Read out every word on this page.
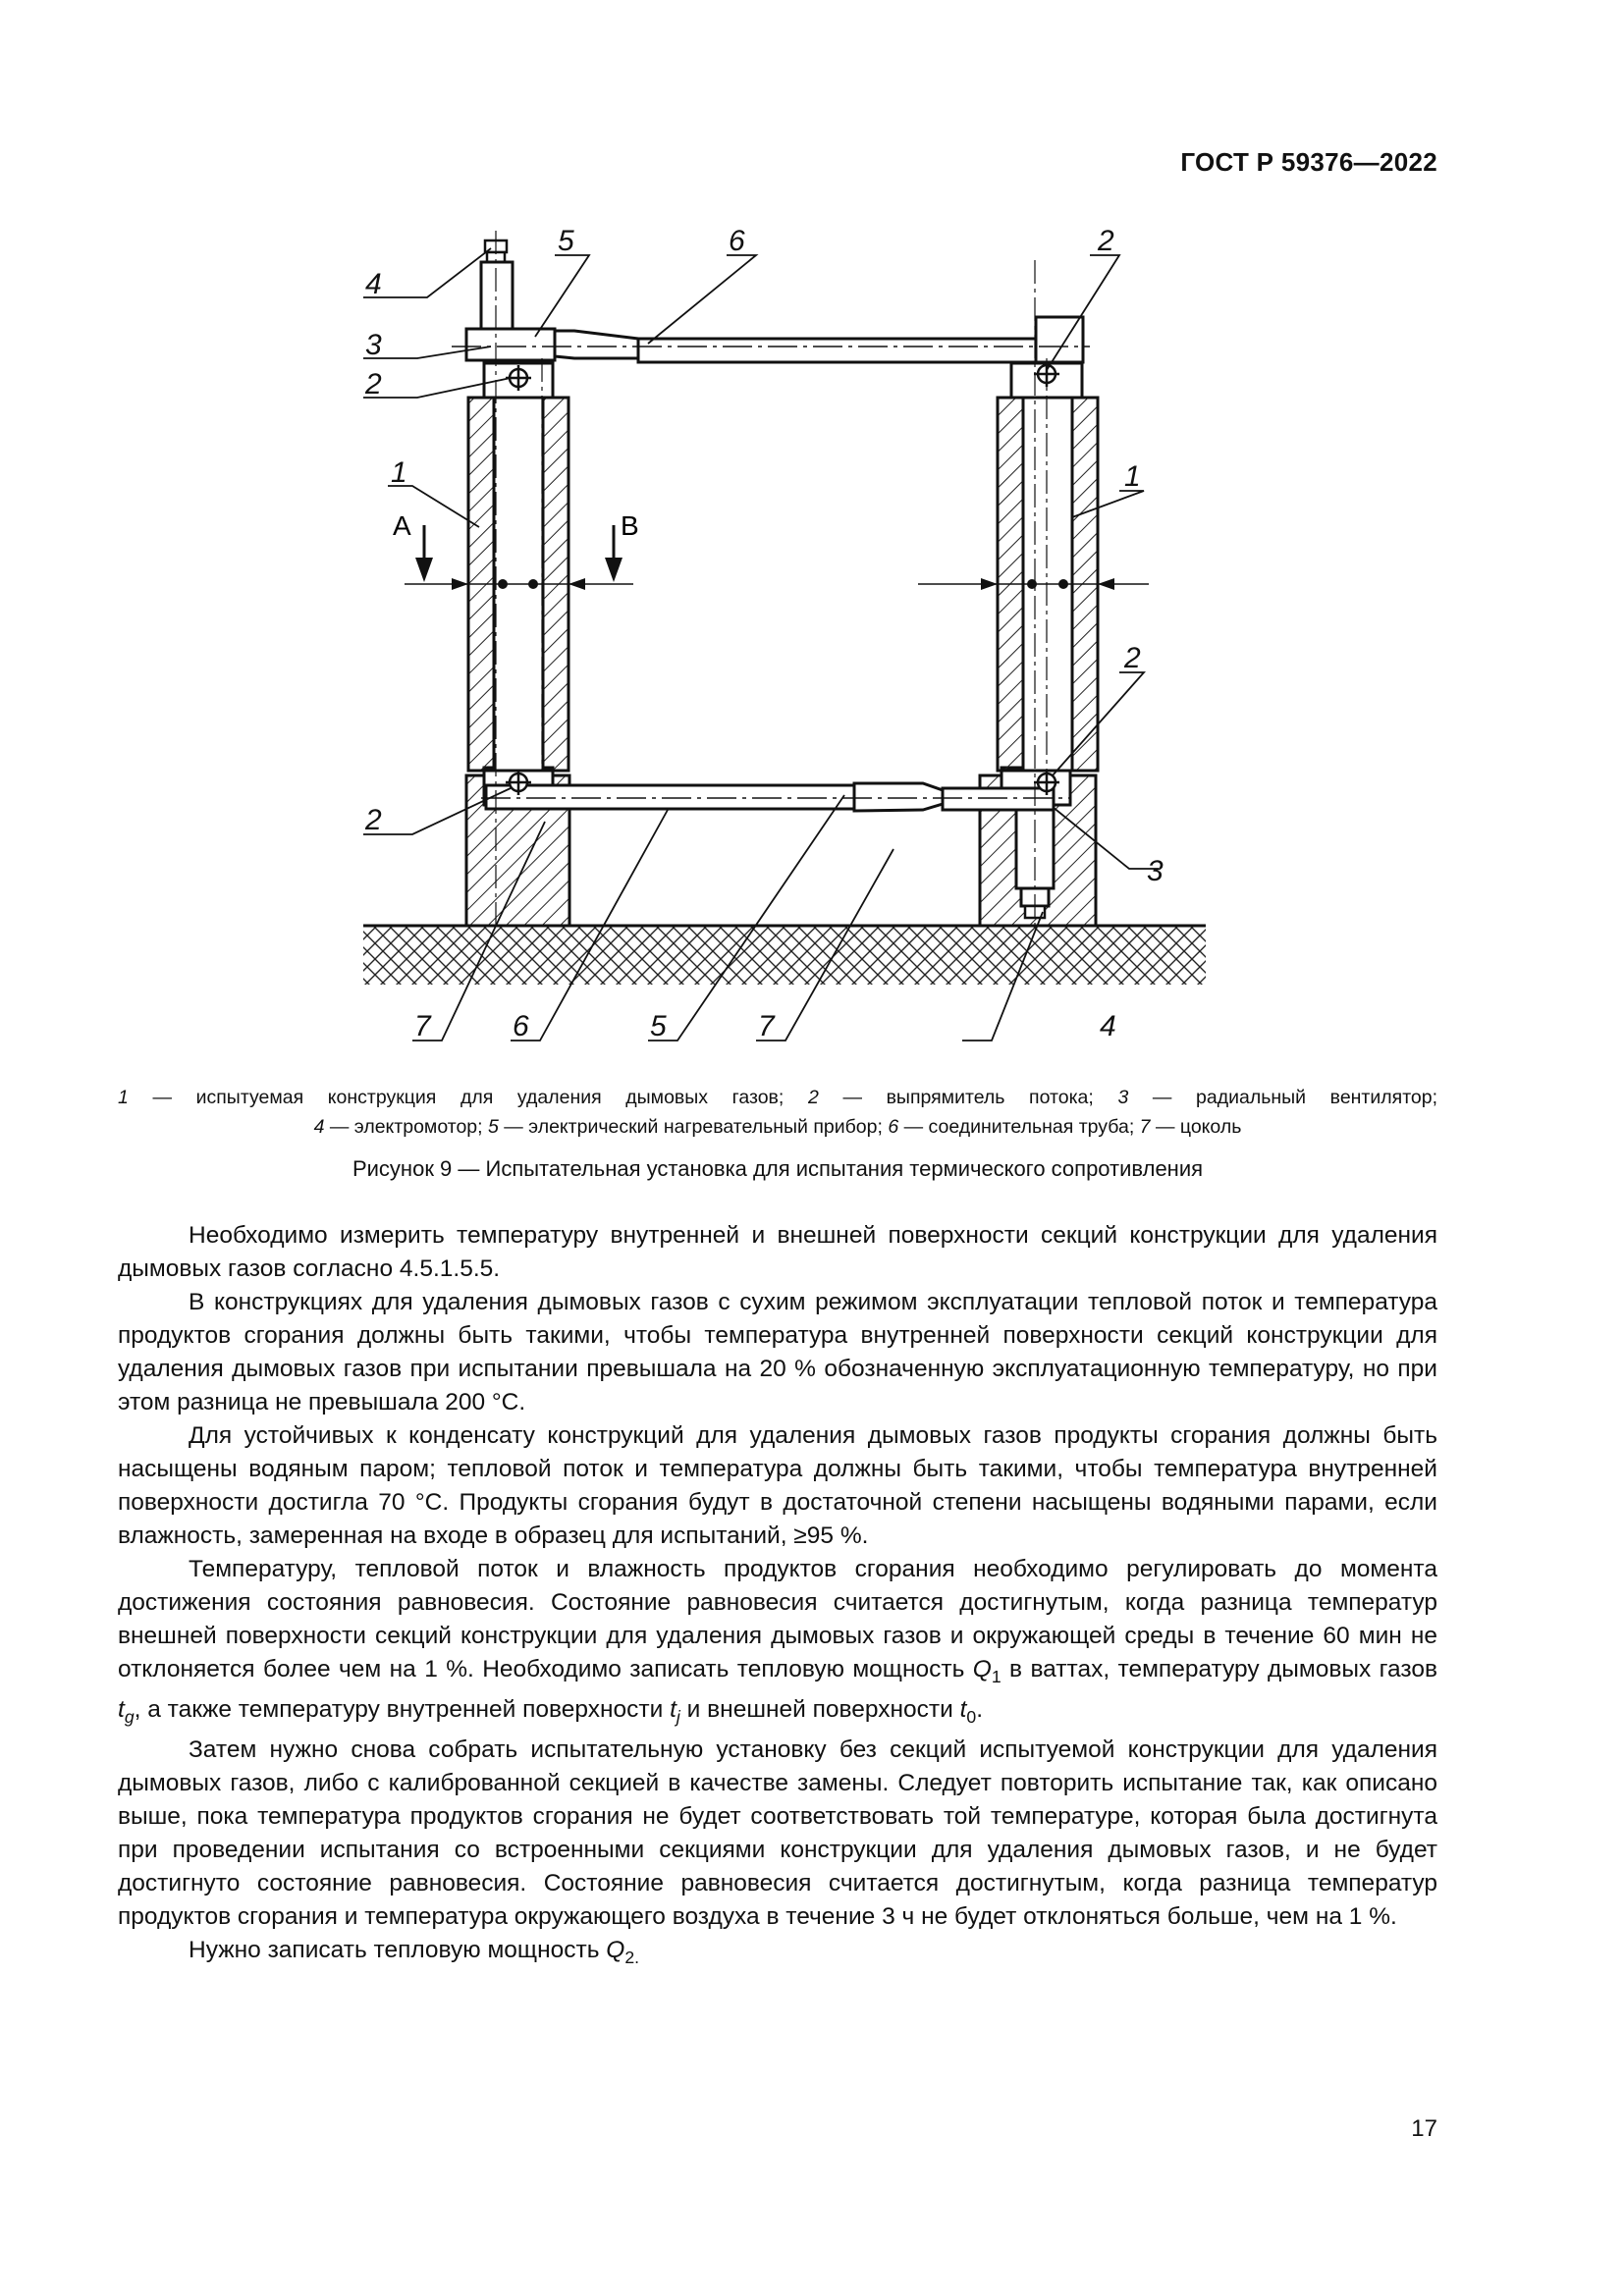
ГОСТ Р 59376—2022
А	В
4
5	6	2
3
2
1	1
2
2
3
7	6	5	7	4
1 — испытуемая конструкция для удаления дымовых газов; 2 — выпрямитель потока; 3 — радиальный вентилятор;
4 — электромотор; 5 — электрический нагревательный прибор; 6 — соединительная труба; 7 — цоколь
Рисунок 9 — Испытательная установка для испытания термического сопротивления

Необходимо измерить температуру внутренней и внешней поверхности секций конструкции для удаления дымовых газов согласно 4.5.1.5.5.

В конструкциях для удаления дымовых газов с сухим режимом эксплуатации тепловой поток и температура продуктов сгорания должны быть такими, чтобы температура внутренней поверхности секций конструкции для удаления дымовых газов при испытании превышала на 20 % обозначенную эксплуатационную температуру, но при этом разница не превышала 200 °С.

Для устойчивых к конденсату конструкций для удаления дымовых газов продукты сгорания должны быть насыщены водяным паром; тепловой поток и температура должны быть такими, чтобы температура внутренней поверхности достигла 70 °С. Продукты сгорания будут в достаточной степени насыщены водяными парами, если влажность, замеренная на входе в образец для испытаний, ≥95 %.

Температуру, тепловой поток и влажность продуктов сгорания необходимо регулировать до момента достижения состояния равновесия. Состояние равновесия считается достигнутым, когда разница температур внешней поверхности секций конструкции для удаления дымовых газов и окружающей среды в течение 60 мин не отклоняется более чем на 1 %. Необходимо записать тепловую мощность $Q_1$ в ваттах, температуру дымовых газов $t_g$, а также температуру внутренней поверхности $t_j$ и внешней поверхности $t_0$.

Затем нужно снова собрать испытательную установку без секций испытуемой конструкции для удаления дымовых газов, либо с калиброванной секцией в качестве замены. Следует повторить испытание так, как описано выше, пока температура продуктов сгорания не будет соответствовать той температуре, которая была достигнута при проведении испытания со встроенными секциями конструкции для удаления дымовых газов, и не будет достигнуто состояние равновесия. Состояние равновесия считается достигнутым, когда разница температур продуктов сгорания и температура окружающего воздуха в течение 3 ч не будет отклоняться больше, чем на 1 %.

Нужно записать тепловую мощность $Q_{2.}$

17
